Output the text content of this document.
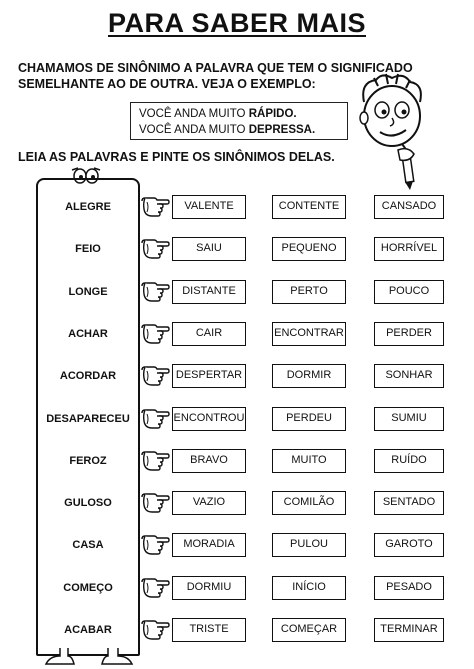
PARA SABER MAIS
CHAMAMOS DE SINÔNIMO A PALAVRA QUE TEM O SIGNIFICADO
SEMELHANTE AO DE OUTRA. VEJA O EXEMPLO:
VOCÊ ANDA MUITO RÁPIDO.
VOCÊ ANDA MUITO DEPRESSA.
LEIA AS PALAVRAS E PINTE OS SINÔNIMOS DELAS.
ALEGRE	VALENTE	CONTENTE	CANSADO
FEIO	SAIU	PEQUENO	HORRÍVEL
LONGE	DISTANTE	PERTO	POUCO
ACHAR	CAIR	ENCONTRAR	PERDER
ACORDAR	DESPERTAR	DORMIR	SONHAR
DESAPARECEU	ENCONTROU	PERDEU	SUMIU
FEROZ	BRAVO	MUITO	RUÍDO
GULOSO	VAZIO	COMILÃO	SENTADO
CASA	MORADIA	PULOU	GAROTO
COMEÇO	DORMIU	INÍCIO	PESADO
ACABAR	TRISTE	COMEÇAR	TERMINAR
